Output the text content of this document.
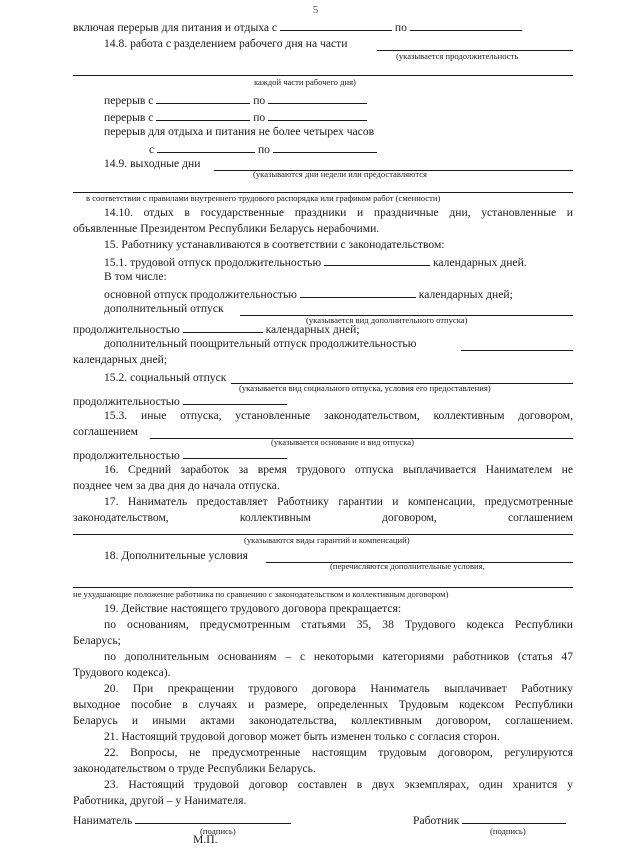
5
включая перерыв для питания и отдыха с	по
14.8. работа с разделением рабочего дня на части
(указывается продолжительность
каждой части рабочего дня)
перерыв с	по
перерыв с	по
перерыв для отдыха и питания не более четырех часов
с	по
14.9. выходные дни
(указываются дни недели или предоставляются
в соответствии с правилами внутреннего трудового распорядка или графиком работ (сменности)
14.10. отдых в государственные праздники и праздничные дни, установленные и
объявленные Президентом Республики Беларусь нерабочими.
15. Работнику устанавливаются в соответствии с законодательством:
15.1. трудовой отпуск продолжительностью	календарных дней.
В том числе:
основной отпуск продолжительностью	календарных дней;
дополнительный отпуск
(указывается вид дополнительного отпуска)
продолжительностью	календарных дней;
дополнительный поощрительный отпуск продолжительностью
календарных дней;
15.2. социальный отпуск
(указывается вид социального отпуска, условия его предоставления)
продолжительностью
15.3. иные отпуска, установленные законодательством, коллективным договором,
соглашением
(указывается основание и вид отпуска)
продолжительностью
16. Средний заработок за время трудового отпуска выплачивается Нанимателем не
позднее чем за два дня до начала отпуска.
17. Наниматель предоставляет Работнику гарантии и компенсации, предусмотренные
законодательством,	коллективным	договором,	соглашением
(указываются виды гарантий и компенсаций)
18. Дополнительные условия
(перечисляются дополнительные условия,
не ухудшающие положение работника по сравнению с законодательством и коллективным договором)
19. Действие настоящего трудового договора прекращается:
по основаниям, предусмотренным статьями 35, 38 Трудового кодекса Республики
Беларусь;
по дополнительным основаниям – с некоторыми категориями работников (статья 47
Трудового кодекса).
20. При прекращении трудового договора Наниматель выплачивает Работнику
выходное пособие в случаях и размере, определенных Трудовым кодексом Республики
Беларусь и иными актами законодательства, коллективным договором, соглашением.
21. Настоящий трудовой договор может быть изменен только с согласия сторон.
22. Вопросы, не предусмотренные настоящим трудовым договором, регулируются
законодательством о труде Республики Беларусь.
23. Настоящий трудовой договор составлен в двух экземплярах, один хранится у
Работника, другой – у Нанимателя.
Наниматель	Работник
(подпись)	(подпись)
М.П.
